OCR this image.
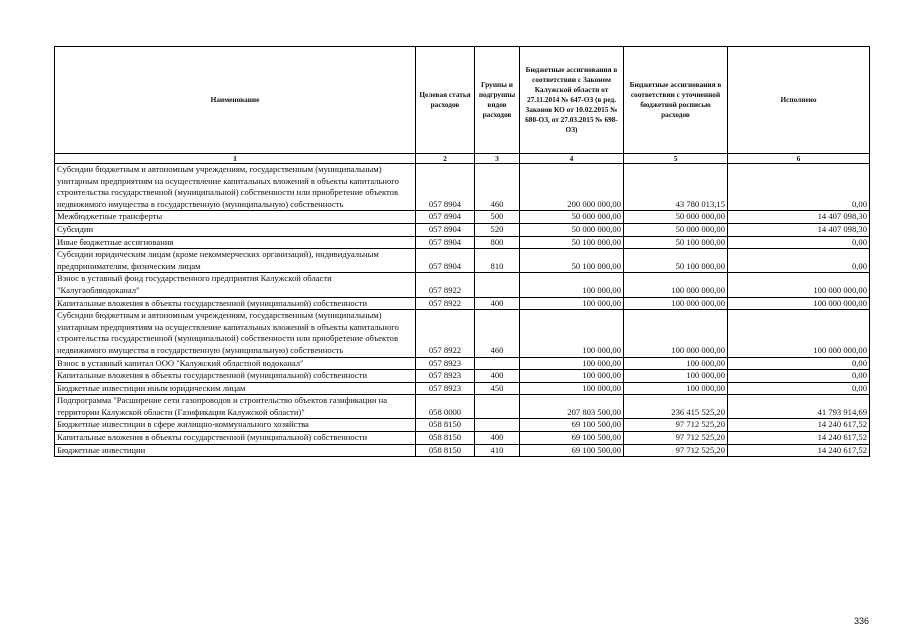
Наименование	Целевая статья расходов	Группы и подгруппы видов расходов	Бюджетные ассигнования в соответствии с Законом Калужской области от 27.11.2014 № 647-ОЗ (в ред. Законов КО от 10.02.2015 № 680-ОЗ, от 27.03.2015 № 698-ОЗ)	Бюджетные ассигнования в соответствии с уточненной бюджетной росписью расходов	Исполнено
1	2	3	4	5	6
Субсидии бюджетным и автономным учреждениям, государственным (муниципальным) унитарным предприятиям на осуществление капитальных вложений в объекты капитального строительства государственной (муниципальной) собственности или приобретение объектов недвижимого имущества в государственную (муниципальную) собственность	057 8904	460	200 000 000,00	43 780 013,15	0,00
Межбюджетные трансферты	057 8904	500	50 000 000,00	50 000 000,00	14 407 098,30
Субсидии	057 8904	520	50 000 000,00	50 000 000,00	14 407 098,30
Иные бюджетные ассигнования	057 8904	800	50 100 000,00	50 100 000,00	0,00
Субсидии юридическим лицам (кроме некоммерческих организаций), индивидуальным предпринимателям, физическим лицам	057 8904	810	50 100 000,00	50 100 000,00	0,00
Взнос в уставный фонд государственного предприятия Калужской области "Калугаоблводоканал"	057 8922		100 000,00	100 000 000,00	100 000 000,00
Капитальные вложения в объекты государственной (муниципальной) собственности	057 8922	400	100 000,00	100 000 000,00	100 000 000,00
Субсидии бюджетным и автономным учреждениям, государственным (муниципальным) унитарным предприятиям на осуществление капитальных вложений в объекты капитального строительства государственной (муниципальной) собственности или приобретение объектов недвижимого имущества в государственную (муниципальную) собственность	057 8922	460	100 000,00	100 000 000,00	100 000 000,00
Взнос в уставный капитал ООО "Калужский областной водоканал"	057 8923		100 000,00	100 000,00	0,00
Капитальные вложения в объекты государственной (муниципальной) собственности	057 8923	400	100 000,00	100 000,00	0,00
Бюджетные инвестиции иным юридическим лицам	057 8923	450	100 000,00	100 000,00	0,00
Подпрограмма "Расширение сети газопроводов и строительство объектов газификации на территории Калужской области (Газификация Калужской области)"	058 0000		207 803 500,00	236 415 525,20	41 793 914,69
Бюджетные инвестиции в сфере жилищно-коммунального хозяйства	058 8150		69 100 500,00	97 712 525,20	14 240 617,52
Капитальные вложения в объекты государственной (муниципальной) собственности	058 8150	400	69 100 500,00	97 712 525,20	14 240 617,52
Бюджетные инвестиции	058 8150	410	69 100 500,00	97 712 525,20	14 240 617,52
336
